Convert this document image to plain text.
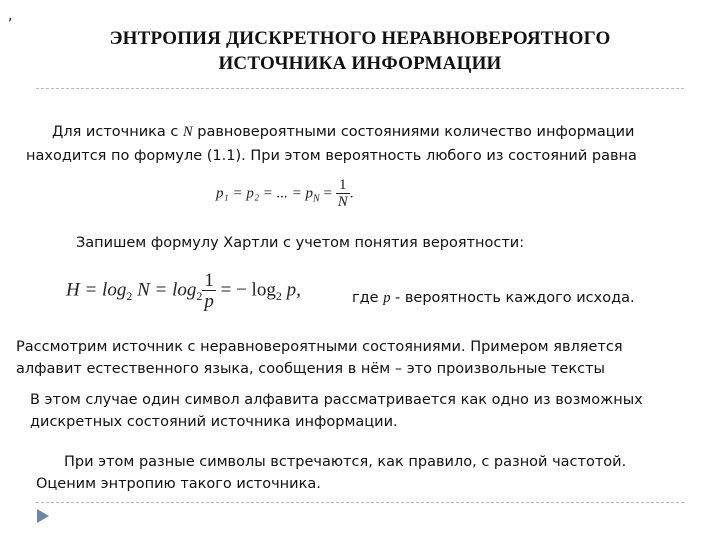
,
ЭНТРОПИЯ ДИСКРЕТНОГО НЕРАВНОВЕРОЯТНОГО
ИСТОЧНИКА ИНФОРМАЦИИ
Для источника с N равновероятными состояниями количество информации
находится по формуле (1.1). При этом вероятность любого из состояний равна
p₁ = p₂ = ... = $p_N = \frac{1}{N}$ .
Запишем формулу Хартли с учетом понятия вероятности:
$H = \log_2 N = \log_2 \frac{1}{p}$ = − $\log_2 p$,	где p - вероятность каждого исхода.
Рассмотрим источник с неравновероятными состояниями. Примером является
алфавит естественного языка, сообщения в нём – это произвольные тексты
В этом случае один символ алфавита рассматривается как одно из возможных
дискретных состояний источника информации.
При этом разные символы встречаются, как правило, с разной частотой.
Оценим энтропию такого источника.
